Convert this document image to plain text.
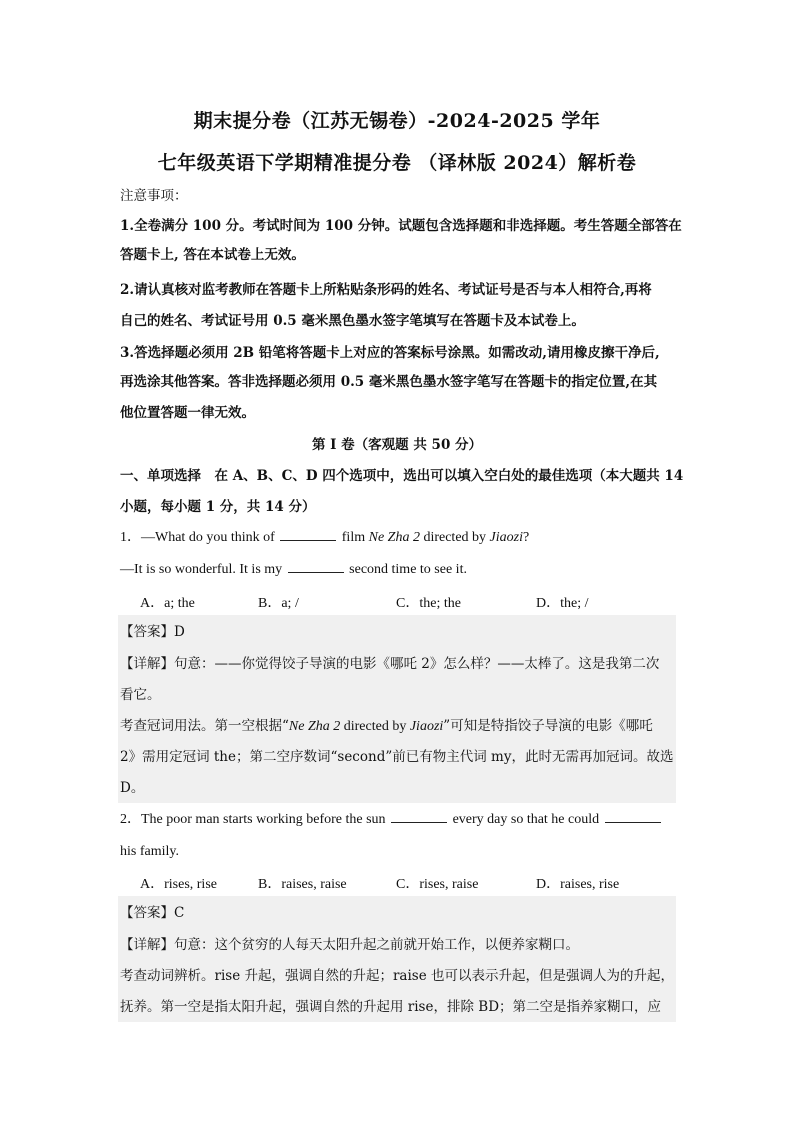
期末提分卷（江苏无锡卷）-2024-2025 学年
七年级英语下学期精准提分卷 （译林版 2024）解析卷
注意事项：
1.全卷满分 100 分。考试时间为 100 分钟。试题包含选择题和非选择题。考生答题全部答在
答题卡上, 答在本试卷上无效。
2.请认真核对监考教师在答题卡上所粘贴条形码的姓名、考试证号是否与本人相符合,再将
自己的姓名、考试证号用 0.5 毫米黑色墨水签字笔填写在答题卡及本试卷上。
3.答选择题必须用 2B 铅笔将答题卡上对应的答案标号涂黑。如需改动,请用橡皮擦干净后,
再选涂其他答案。答非选择题必须用 0.5 毫米黑色墨水签字笔写在答题卡的指定位置,在其
他位置答题一律无效。
第 I 卷（客观题 共 50 分）
一、单项选择　在 A、B、C、D 四个选项中，选出可以填入空白处的最佳选项（本大题共 14
小题，每小题 1 分，共 14 分）
1．—What do you think of	film Ne Zha 2 directed by Jiaozi?
—It is so wonderful. It is my	second time to see it.
A．a; the	B．a; /	C．the; the	D．the; /
【答案】D
【详解】句意：——你觉得饺子导演的电影《哪吒 2》怎么样？——太棒了。这是我第二次
看它。
考查冠词用法。第一空根据“Ne Zha 2 directed by Jiaozi”可知是特指饺子导演的电影《哪吒
2》需用定冠词 the；第二空序数词“second”前已有物主代词 my，此时无需再加冠词。故选
D。
2．The poor man starts working before the sun	every day so that he could
his family.
A．rises, rise	B．raises, raise	C．rises, raise	D．raises, rise
【答案】C
【详解】句意：这个贫穷的人每天太阳升起之前就开始工作，以便养家糊口。
考查动词辨析。rise 升起，强调自然的升起；raise 也可以表示升起，但是强调人为的升起，
抚养。第一空是指太阳升起，强调自然的升起用 rise，排除 BD；第二空是指养家糊口，应
